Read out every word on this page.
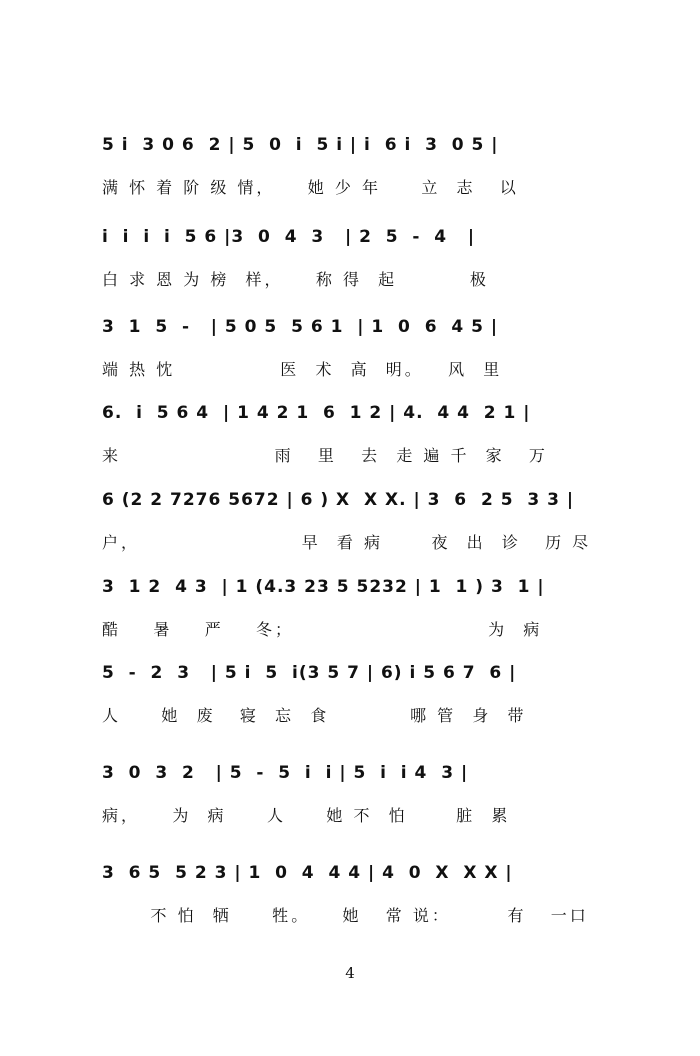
5 i  3 0 6  2 | 5  0  i  5 i | i  6 i  3  0 5 |
满 怀 着 阶 级 情，    她 少 年     立  志   以
i  i  i  i  5 6 |3  0  4  3   | 2  5  -  4   |
白 求 恩 为 榜  样，    称 得  起         极
3  1  5  -   | 5 0 5  5 6 1  | 1  0  6  4 5 |
端 热 忱             医  术  高  明。   风  里
6.  i  5 6 4  | 1 4 2 1  6  1 2 | 4.  4 4  2 1 |
来                   雨   里   去  走 遍 千  家   万
6 (2 2 7276 5672 | 6 ) X  X X. | 3  6  2 5  3 3 |
户，                    早  看 病      夜  出  诊   历 尽
3  1 2  4 3  | 1 (4.3 23 5 5232 | 1  1 ) 3  1 |
酷    暑    严    冬；                        为  病
5  -  2  3   | 5 i  5  i(3 5 7 | 6) i 5 6 7  6 |
人     她  废   寝  忘  食          哪 管  身  带
3  0  3  2   | 5  -  5  i  i | 5  i  i 4  3 |
病，    为  病     人     她 不  怕      脏  累
3  6 5  5 2 3 | 1  0  4  4 4 | 4  0  X  X X |
不 怕  牺     牲。    她   常 说：       有   一口
4
